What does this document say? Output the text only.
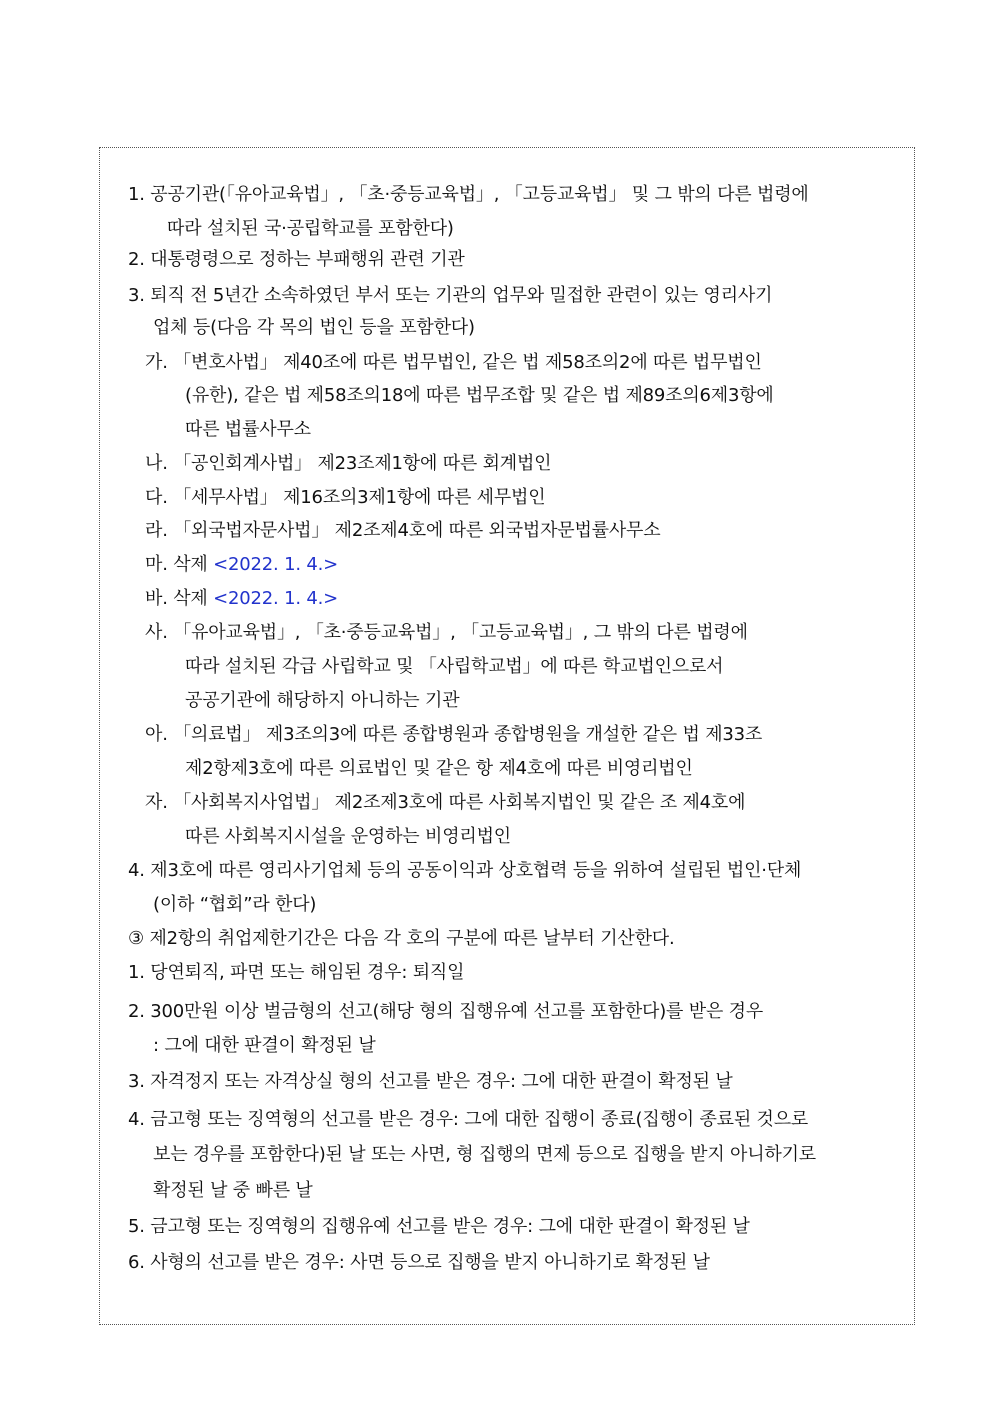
1. 공공기관(「유아교육법」, 「초·중등교육법」, 「고등교육법」 및 그 밖의 다른 법령에
따라 설치된 국·공립학교를 포함한다)
2. 대통령령으로 정하는 부패행위 관련 기관
3. 퇴직 전 5년간 소속하였던 부서 또는 기관의 업무와 밀접한 관련이 있는 영리사기
업체 등(다음 각 목의 법인 등을 포함한다)
가. 「변호사법」 제40조에 따른 법무법인, 같은 법 제58조의2에 따른 법무법인
(유한), 같은 법 제58조의18에 따른 법무조합 및 같은 법 제89조의6제3항에
따른 법률사무소
나. 「공인회계사법」 제23조제1항에 따른 회계법인
다. 「세무사법」 제16조의3제1항에 따른 세무법인
라. 「외국법자문사법」 제2조제4호에 따른 외국법자문법률사무소
마. 삭제 <2022. 1. 4.>
바. 삭제 <2022. 1. 4.>
사. 「유아교육법」, 「초·중등교육법」, 「고등교육법」, 그 밖의 다른 법령에
따라 설치된 각급 사립학교 및 「사립학교법」에 따른 학교법인으로서
공공기관에 해당하지 아니하는 기관
아. 「의료법」 제3조의3에 따른 종합병원과 종합병원을 개설한 같은 법 제33조
제2항제3호에 따른 의료법인 및 같은 항 제4호에 따른 비영리법인
자. 「사회복지사업법」 제2조제3호에 따른 사회복지법인 및 같은 조 제4호에
따른 사회복지시설을 운영하는 비영리법인
4. 제3호에 따른 영리사기업체 등의 공동이익과 상호협력 등을 위하여 설립된 법인·단체
(이하 “협회”라 한다)
③ 제2항의 취업제한기간은 다음 각 호의 구분에 따른 날부터 기산한다.
1. 당연퇴직, 파면 또는 해임된 경우: 퇴직일
2. 300만원 이상 벌금형의 선고(해당 형의 집행유예 선고를 포함한다)를 받은 경우
: 그에 대한 판결이 확정된 날
3. 자격정지 또는 자격상실 형의 선고를 받은 경우: 그에 대한 판결이 확정된 날
4. 금고형 또는 징역형의 선고를 받은 경우: 그에 대한 집행이 종료(집행이 종료된 것으로
보는 경우를 포함한다)된 날 또는 사면, 형 집행의 면제 등으로 집행을 받지 아니하기로
확정된 날 중 빠른 날
5. 금고형 또는 징역형의 집행유예 선고를 받은 경우: 그에 대한 판결이 확정된 날
6. 사형의 선고를 받은 경우: 사면 등으로 집행을 받지 아니하기로 확정된 날
